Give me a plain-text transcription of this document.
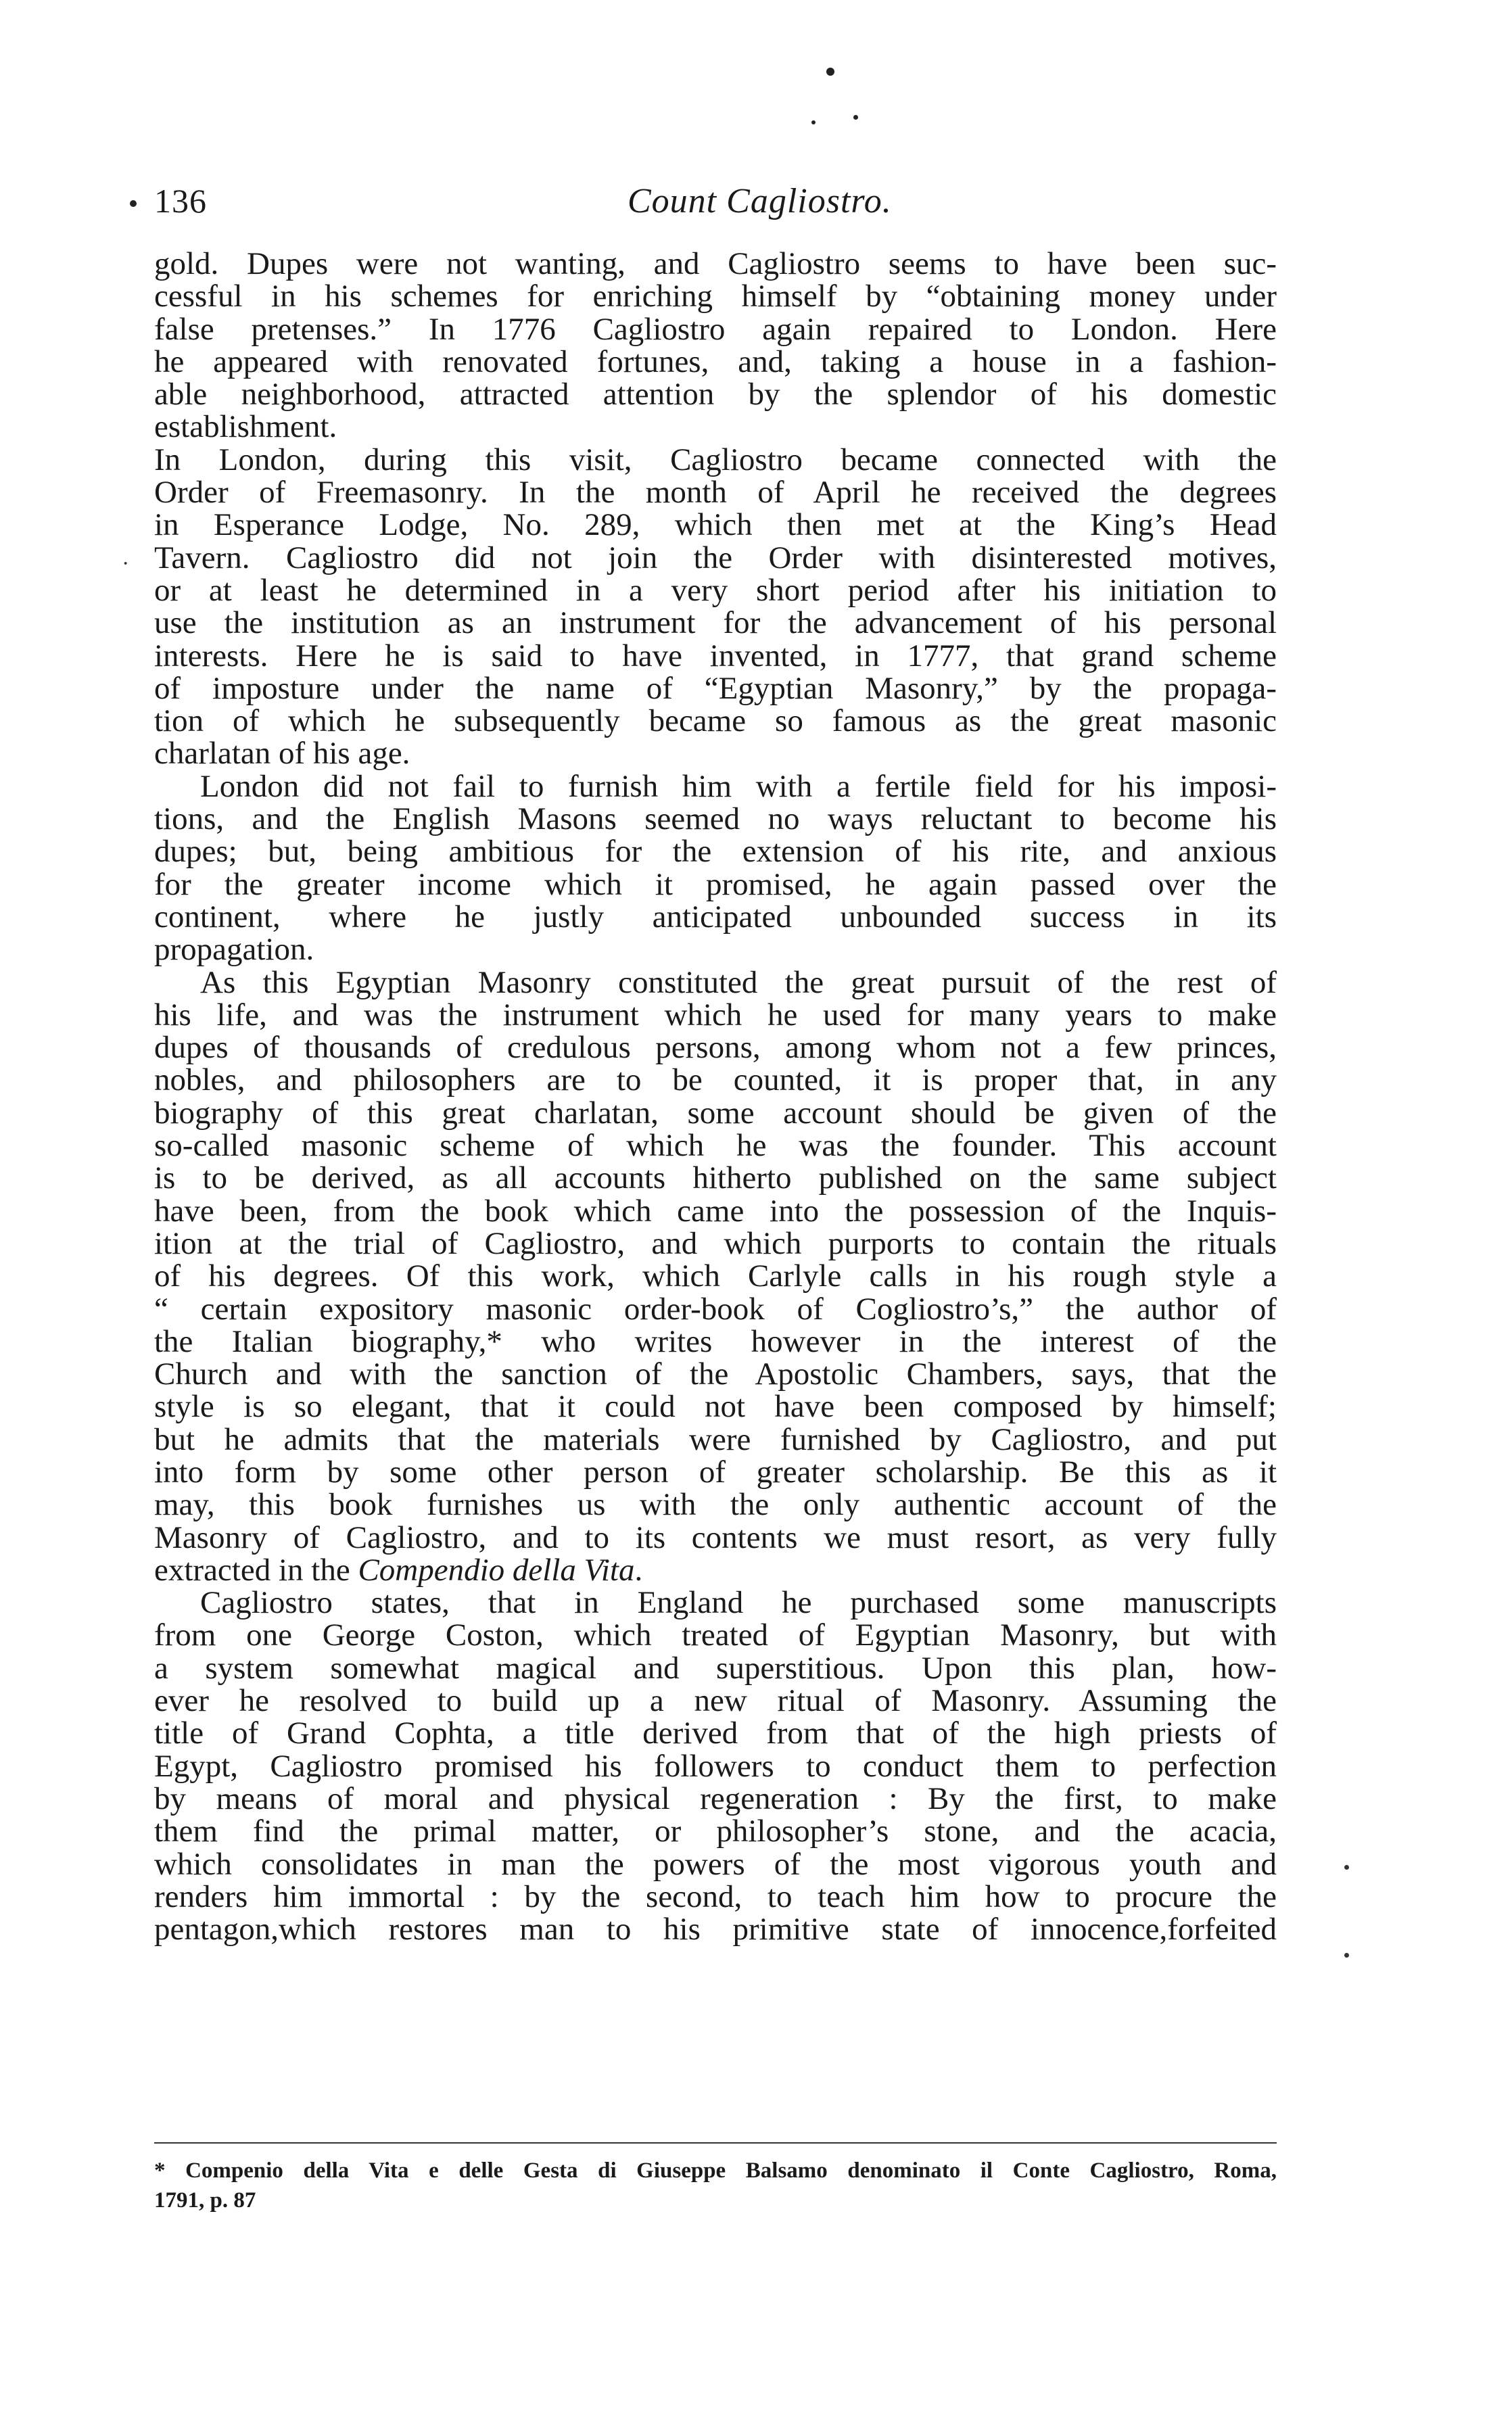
136	Count Cagliostro.
·
gold. Dupes were not wanting, and Cagliostro seems to have been suc-
cessful in his schemes for enriching himself by “obtaining money under
false pretenses.” In 1776 Cagliostro again repaired to London. Here
he appeared with renovated fortunes, and, taking a house in a fashion-
able neighborhood, attracted attention by the splendor of his domestic
establishment.
In London, during this visit, Cagliostro became connected with the
Order of Freemasonry. In the month of April he received the degrees
in Esperance Lodge, No. 289, which then met at the King’s Head
Tavern. Cagliostro did not join the Order with disinterested motives,
or at least he determined in a very short period after his initiation to
use the institution as an instrument for the advancement of his personal
interests. Here he is said to have invented, in 1777, that grand scheme
of imposture under the name of “Egyptian Masonry,” by the propaga-
tion of which he subsequently became so famous as the great masonic
charlatan of his age.
London did not fail to furnish him with a fertile field for his imposi-
tions, and the English Masons seemed no ways reluctant to become his
dupes; but, being ambitious for the extension of his rite, and anxious
for the greater income which it promised, he again passed over the
continent, where he justly anticipated unbounded success in its
propagation.
As this Egyptian Masonry constituted the great pursuit of the rest of
his life, and was the instrument which he used for many years to make
dupes of thousands of credulous persons, among whom not a few princes,
nobles, and philosophers are to be counted, it is proper that, in any
biography of this great charlatan, some account should be given of the
so-called masonic scheme of which he was the founder. This account
is to be derived, as all accounts hitherto published on the same subject
have been, from the book which came into the possession of the Inquis-
ition at the trial of Cagliostro, and which purports to contain the rituals
of his degrees. Of this work, which Carlyle calls in his rough style a
“ certain expository masonic order-book of Cogliostro’s,” the author of
the Italian biography,* who writes however in the interest of the
Church and with the sanction of the Apostolic Chambers, says, that the
style is so elegant, that it could not have been composed by himself;
but he admits that the materials were furnished by Cagliostro, and put
into form by some other person of greater scholarship. Be this as it
may, this book furnishes us with the only authentic account of the
Masonry of Cagliostro, and to its contents we must resort, as very fully
extracted in the Compendio della Vita.
Cagliostro states, that in England he purchased some manuscripts
from one George Coston, which treated of Egyptian Masonry, but with
a system somewhat magical and superstitious. Upon this plan, how-
ever he resolved to build up a new ritual of Masonry. Assuming the
title of Grand Cophta, a title derived from that of the high priests of
Egypt, Cagliostro promised his followers to conduct them to perfection
by means of moral and physical regeneration : By the first, to make
them find the primal matter, or philosopher’s stone, and the acacia,
which consolidates in man the powers of the most vigorous youth and
renders him immortal : by the second, to teach him how to procure the
pentagon,which restores man to his primitive state of innocence,forfeited
* Compenio della Vita e delle Gesta di Giuseppe Balsamo denominato il Conte Cagliostro, Roma,
1791, p. 87
